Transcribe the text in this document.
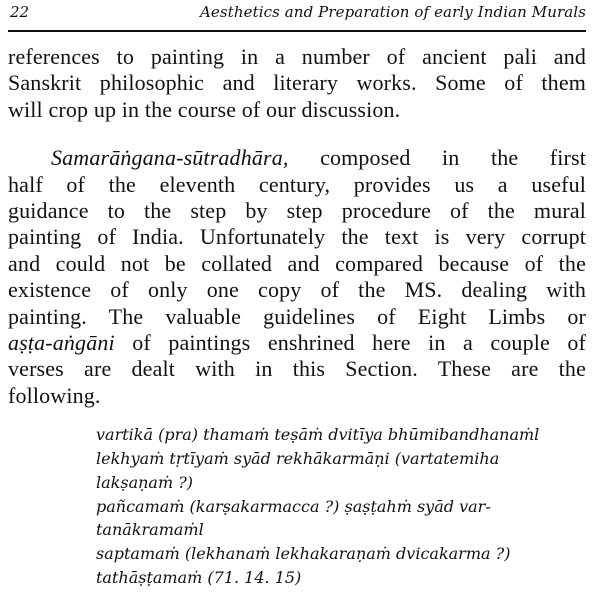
22	Aesthetics and Preparation of early Indian Murals

references to painting in a number of ancient pali and
Sanskrit philosophic and literary works. Some of them
will crop up in the course of our discussion.

Samarāṅgana-sūtradhāra, composed in the first
half of the eleventh century, provides us a useful
guidance to the step by step procedure of the mural
painting of India. Unfortunately the text is very corrupt
and could not be collated and compared because of the
existence of only one copy of the MS. dealing with
painting. The valuable guidelines of Eight Limbs or
aṣṭa-aṅgāni of paintings enshrined here in a couple of
verses are dealt with in this Section. These are the
following.

vartikā (pra) thamaṁ teṣāṁ dvitīya bhūmibandhanaṁl
lekhyaṁ tṛtīyaṁ syād rekhākarmāṇi (vartatemiha
lakṣaṇaṁ ?)
pañcamaṁ (karṣakarmacca ?) ṣaṣṭahṁ syād var-
tanākramaṁl
saptamaṁ (lekhanaṁ lekhakaraṇaṁ dvicakarma ?)
tathāṣṭamaṁ (71. 14. 15)
